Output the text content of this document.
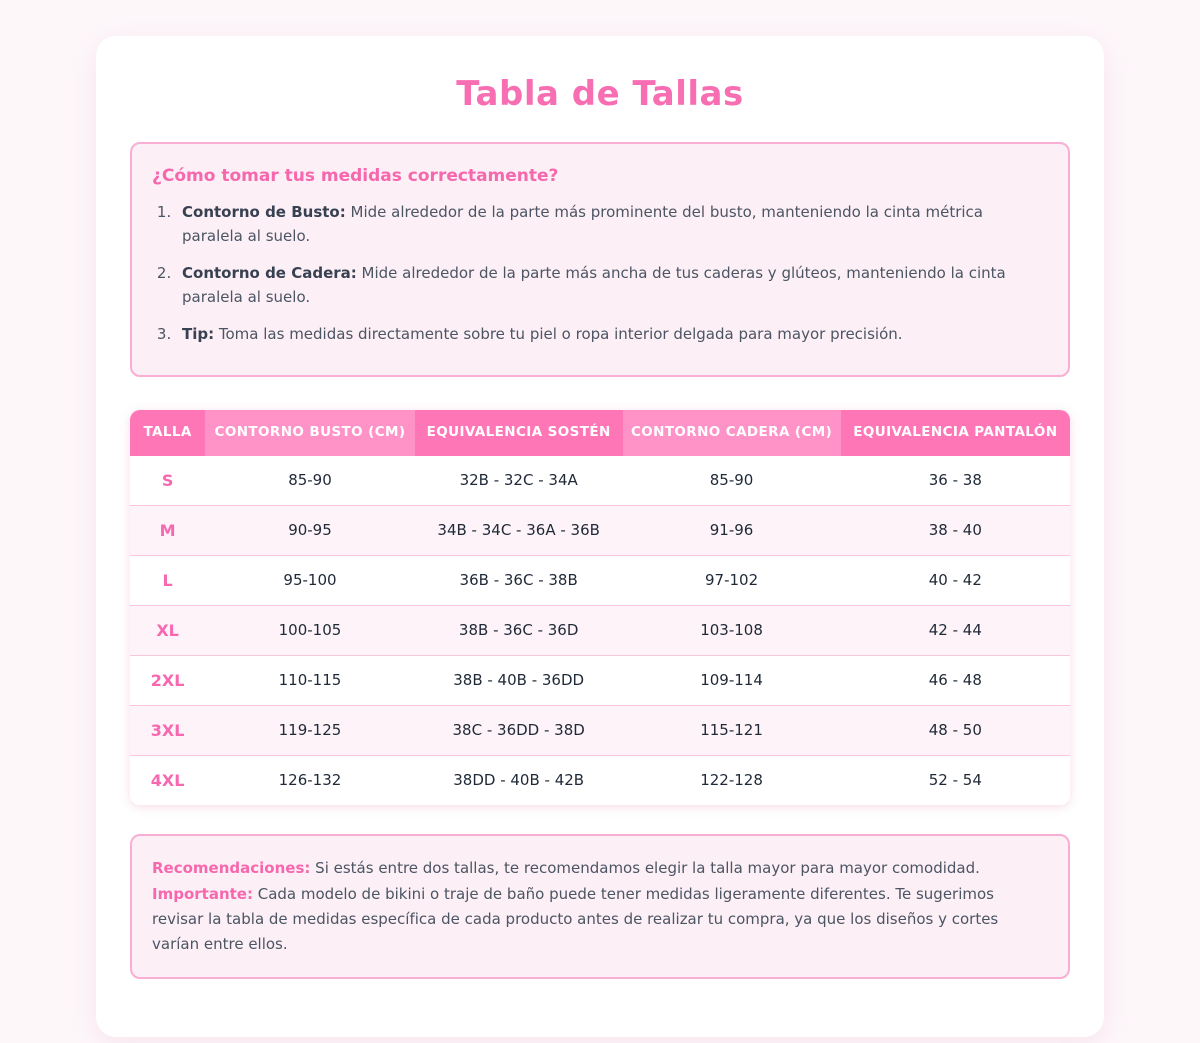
Tabla de Tallas
¿Cómo tomar tus medidas correctamente?
1. Contorno de Busto: Mide alrededor de la parte más prominente del busto, manteniendo la cinta métrica paralela al suelo.
2. Contorno de Cadera: Mide alrededor de la parte más ancha de tus caderas y glúteos, manteniendo la cinta paralela al suelo.
3. Tip: Toma las medidas directamente sobre tu piel o ropa interior delgada para mayor precisión.
TALLA	CONTORNO BUSTO (CM)	EQUIVALENCIA SOSTÉN	CONTORNO CADERA (CM)	EQUIVALENCIA PANTALÓN
S	85-90	32B - 32C - 34A	85-90	36 - 38
M	90-95	34B - 34C - 36A - 36B	91-96	38 - 40
L	95-100	36B - 36C - 38B	97-102	40 - 42
XL	100-105	38B - 36C - 36D	103-108	42 - 44
2XL	110-115	38B - 40B - 36DD	109-114	46 - 48
3XL	119-125	38C - 36DD - 38D	115-121	48 - 50
4XL	126-132	38DD - 40B - 42B	122-128	52 - 54

Recomendaciones: Si estás entre dos tallas, te recomendamos elegir la talla mayor para mayor comodidad.

Importante: Cada modelo de bikini o traje de baño puede tener medidas ligeramente diferentes. Te sugerimos revisar la tabla de medidas específica de cada producto antes de realizar tu compra, ya que los diseños y cortes varían entre ellos.
